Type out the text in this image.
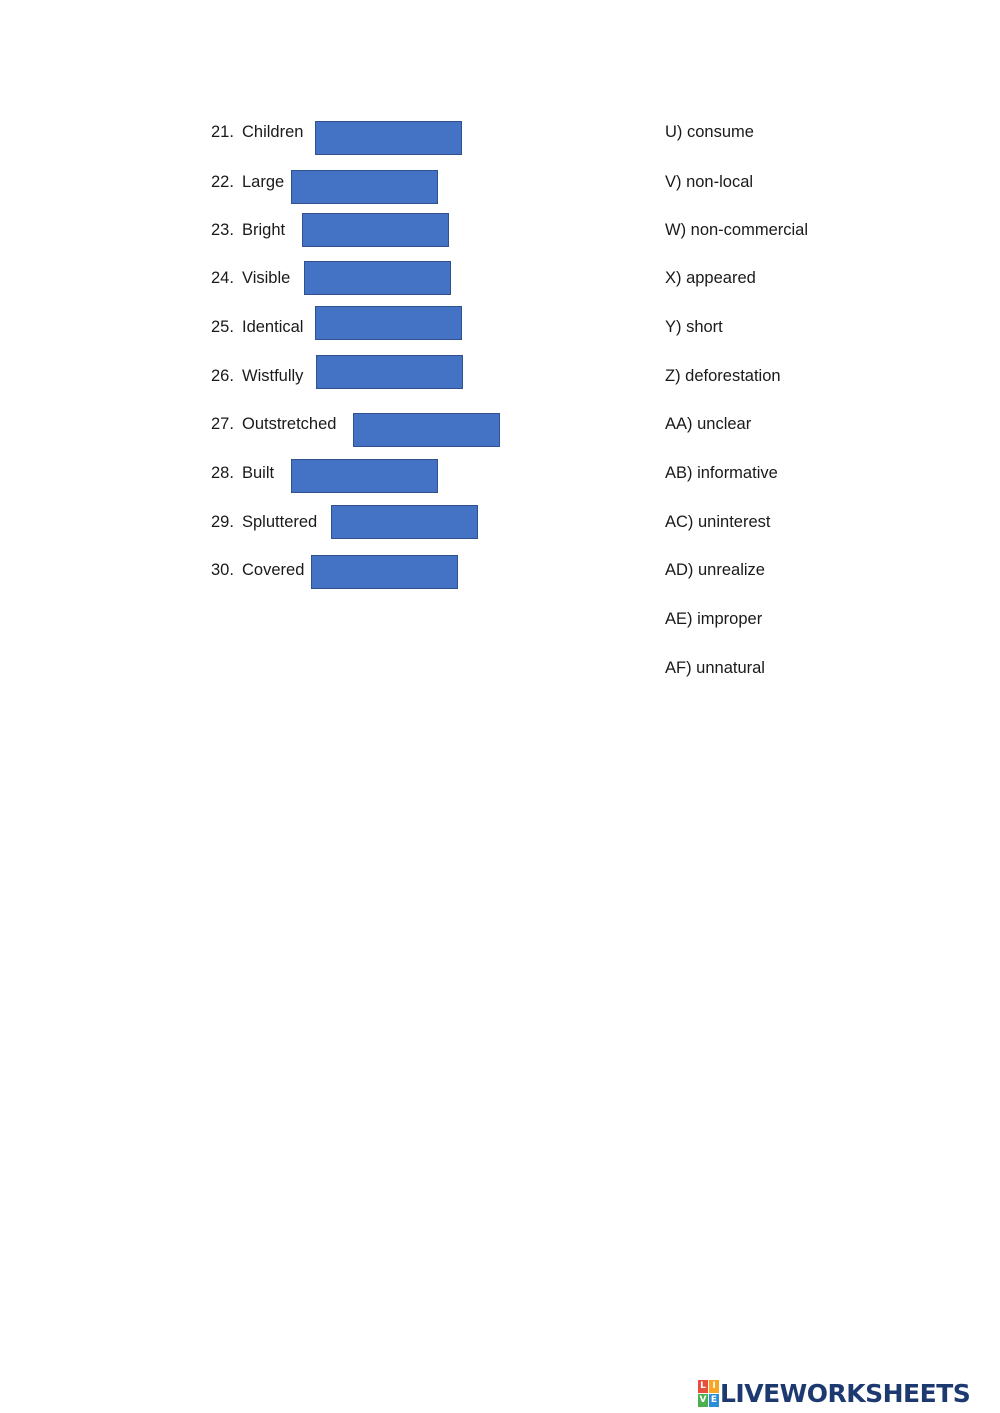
21. Children
22. Large
23. Bright
24. Visible
25. Identical
26. Wistfully
27. Outstretched
28. Built
29. Spluttered
30. Covered
U) consume
V) non-local
W) non-commercial
X) appeared
Y) short
Z) deforestation
AA) unclear
AB) informative
AC) uninterest
AD) unrealize
AE) improper
AF) unnatural
L I
V E LIVEWORKSHEETS
